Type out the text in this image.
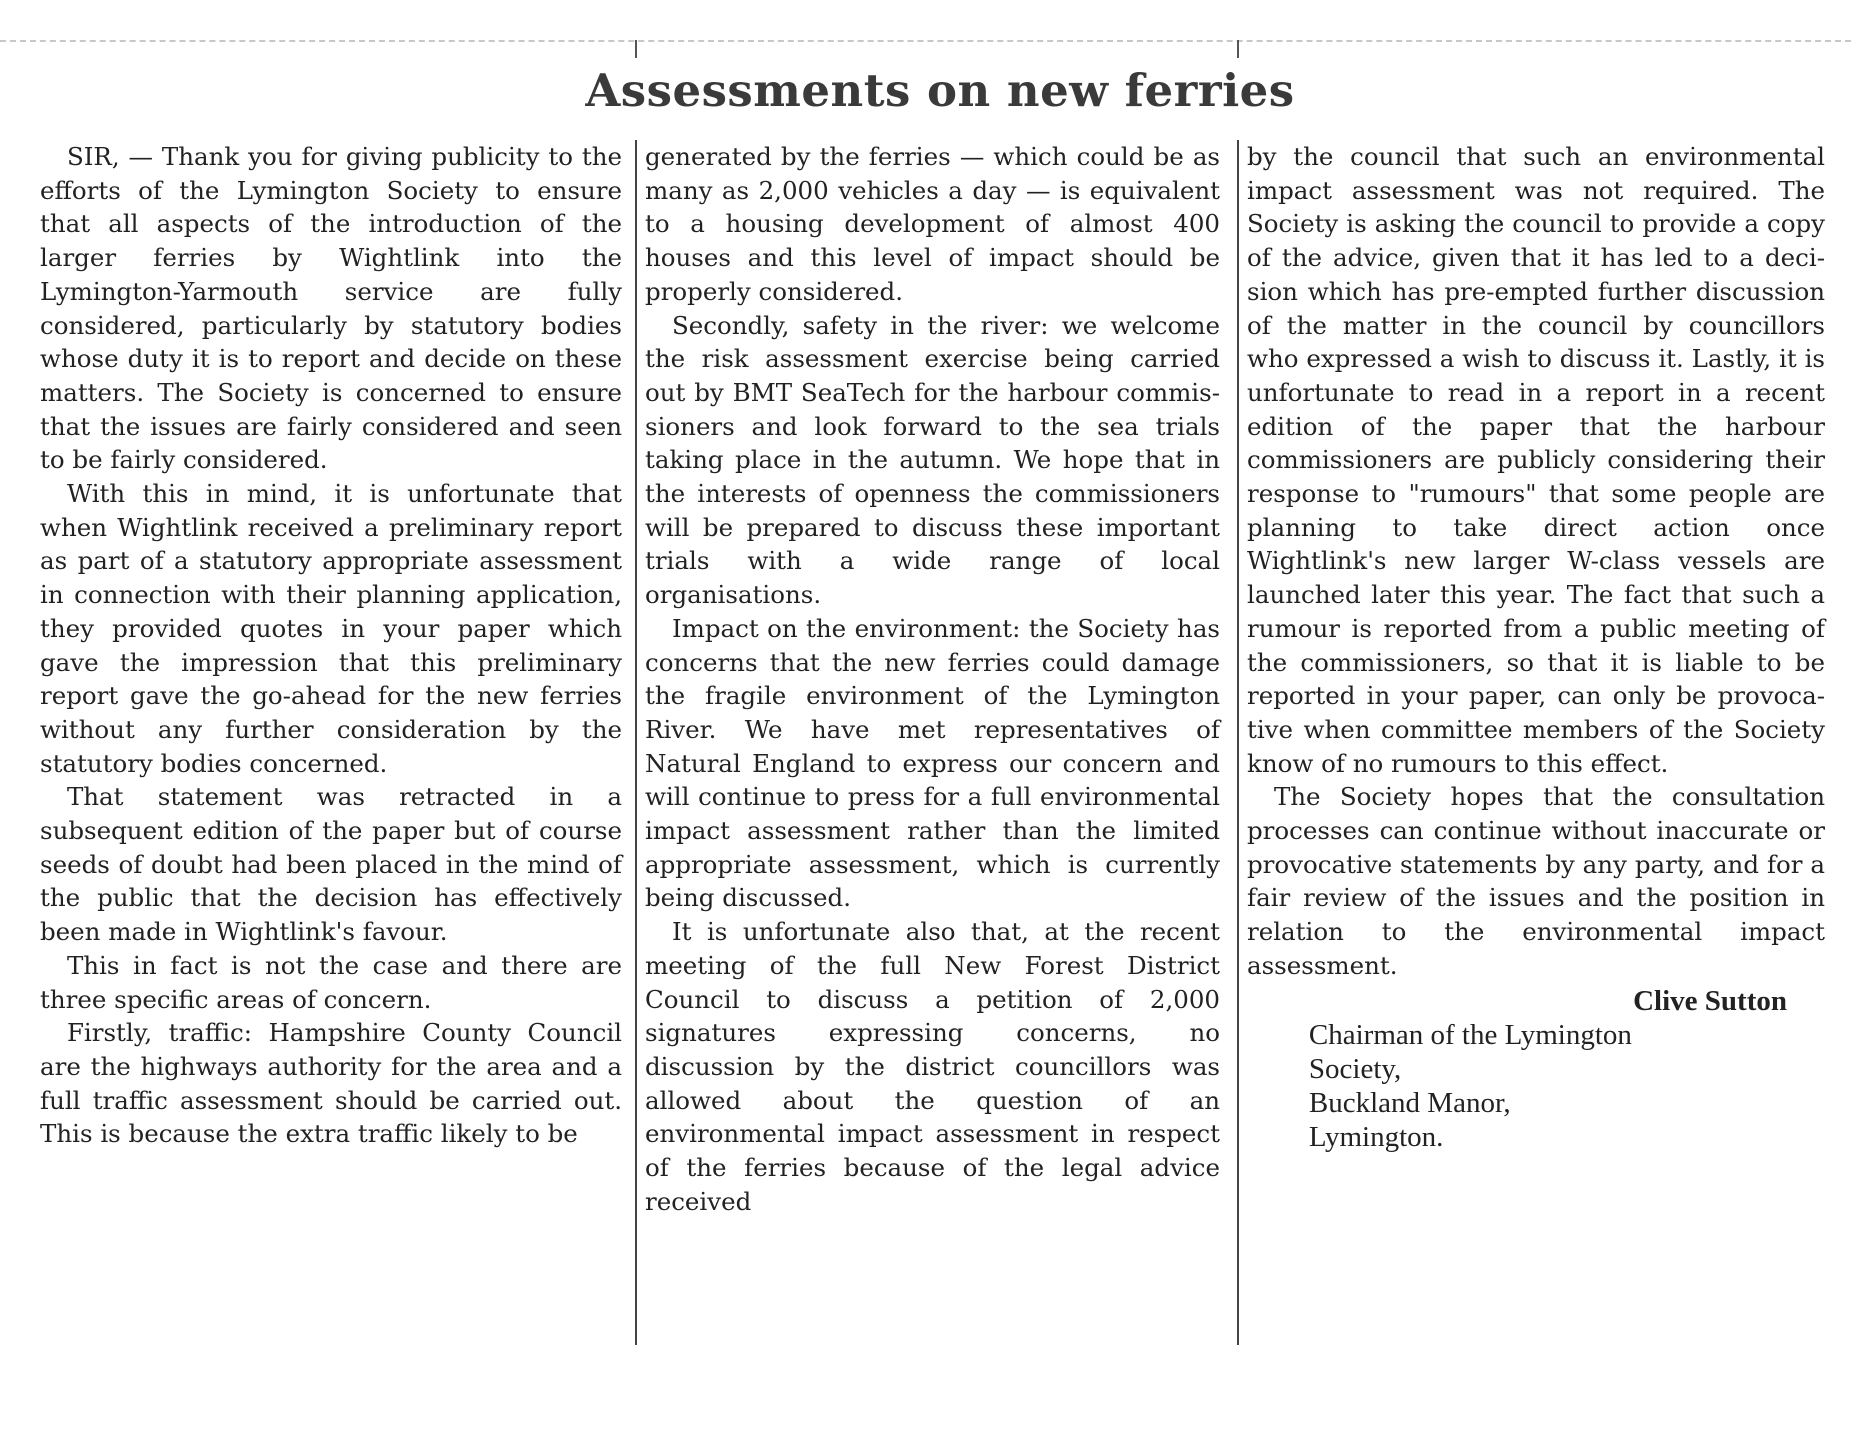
Assessments on new ferries

SIR, — Thank you for giving publicity to the efforts of the Lymington Society to ensure that all aspects of the introduction of the larger ferries by Wightlink into the Lymington-Yarmouth service are fully considered, particularly by statutory bodies whose duty it is to report and decide on these matters. The Society is concerned to ensure that the issues are fairly considered and seen to be fairly considered.

With this in mind, it is unfortunate that when Wightlink received a preliminary report as part of a statutory appropriate assessment in connection with their planning application, they provided quotes in your paper which gave the impression that this preliminary report gave the go-ahead for the new ferries without any further consideration by the statutory bodies concerned.

That statement was retracted in a subsequent edition of the paper but of course seeds of doubt had been placed in the mind of the public that the decision has effectively been made in Wightlink's favour.

This in fact is not the case and there are three specific areas of concern.

Firstly, traffic: Hampshire County Council are the highways authority for the area and a full traffic assessment should be carried out. This is because the extra traffic likely to be

generated by the ferries — which could be as many as 2,000 vehicles a day — is equivalent to a housing development of almost 400 houses and this level of impact should be properly considered.

Secondly, safety in the river: we welcome the risk assessment exercise being carried out by BMT SeaTech for the harbour commissioners and look forward to the sea trials taking place in the autumn. We hope that in the interests of openness the commissioners will be prepared to discuss these important trials with a wide range of local organisations.

Impact on the environment: the Society has concerns that the new ferries could damage the fragile environment of the Lymington River. We have met representatives of Natural England to express our concern and will continue to press for a full environmental impact assessment rather than the limited appropriate assessment, which is currently being discussed.

It is unfortunate also that, at the recent meeting of the full New Forest District Council to discuss a petition of 2,000 signatures expressing concerns, no discussion by the district councillors was allowed about the question of an environmental impact assessment in respect of the ferries because of the legal advice received

by the council that such an environmental impact assessment was not required. The Society is asking the council to provide a copy of the advice, given that it has led to a decision which has pre-empted further discussion of the matter in the council by councillors who expressed a wish to discuss it. Lastly, it is unfortunate to read in a report in a recent edition of the paper that the harbour commissioners are publicly considering their response to "rumours" that some people are planning to take direct action once Wightlink's new larger W-class vessels are launched later this year. The fact that such a rumour is reported from a public meeting of the commissioners, so that it is liable to be reported in your paper, can only be provocative when committee members of the Society know of no rumours to this effect.

The Society hopes that the consultation processes can continue without inaccurate or provocative statements by any party, and for a fair review of the issues and the position in relation to the environmental impact assessment.

Clive Sutton

Chairman of the Lymington

Society,

Buckland Manor,

Lymington.
